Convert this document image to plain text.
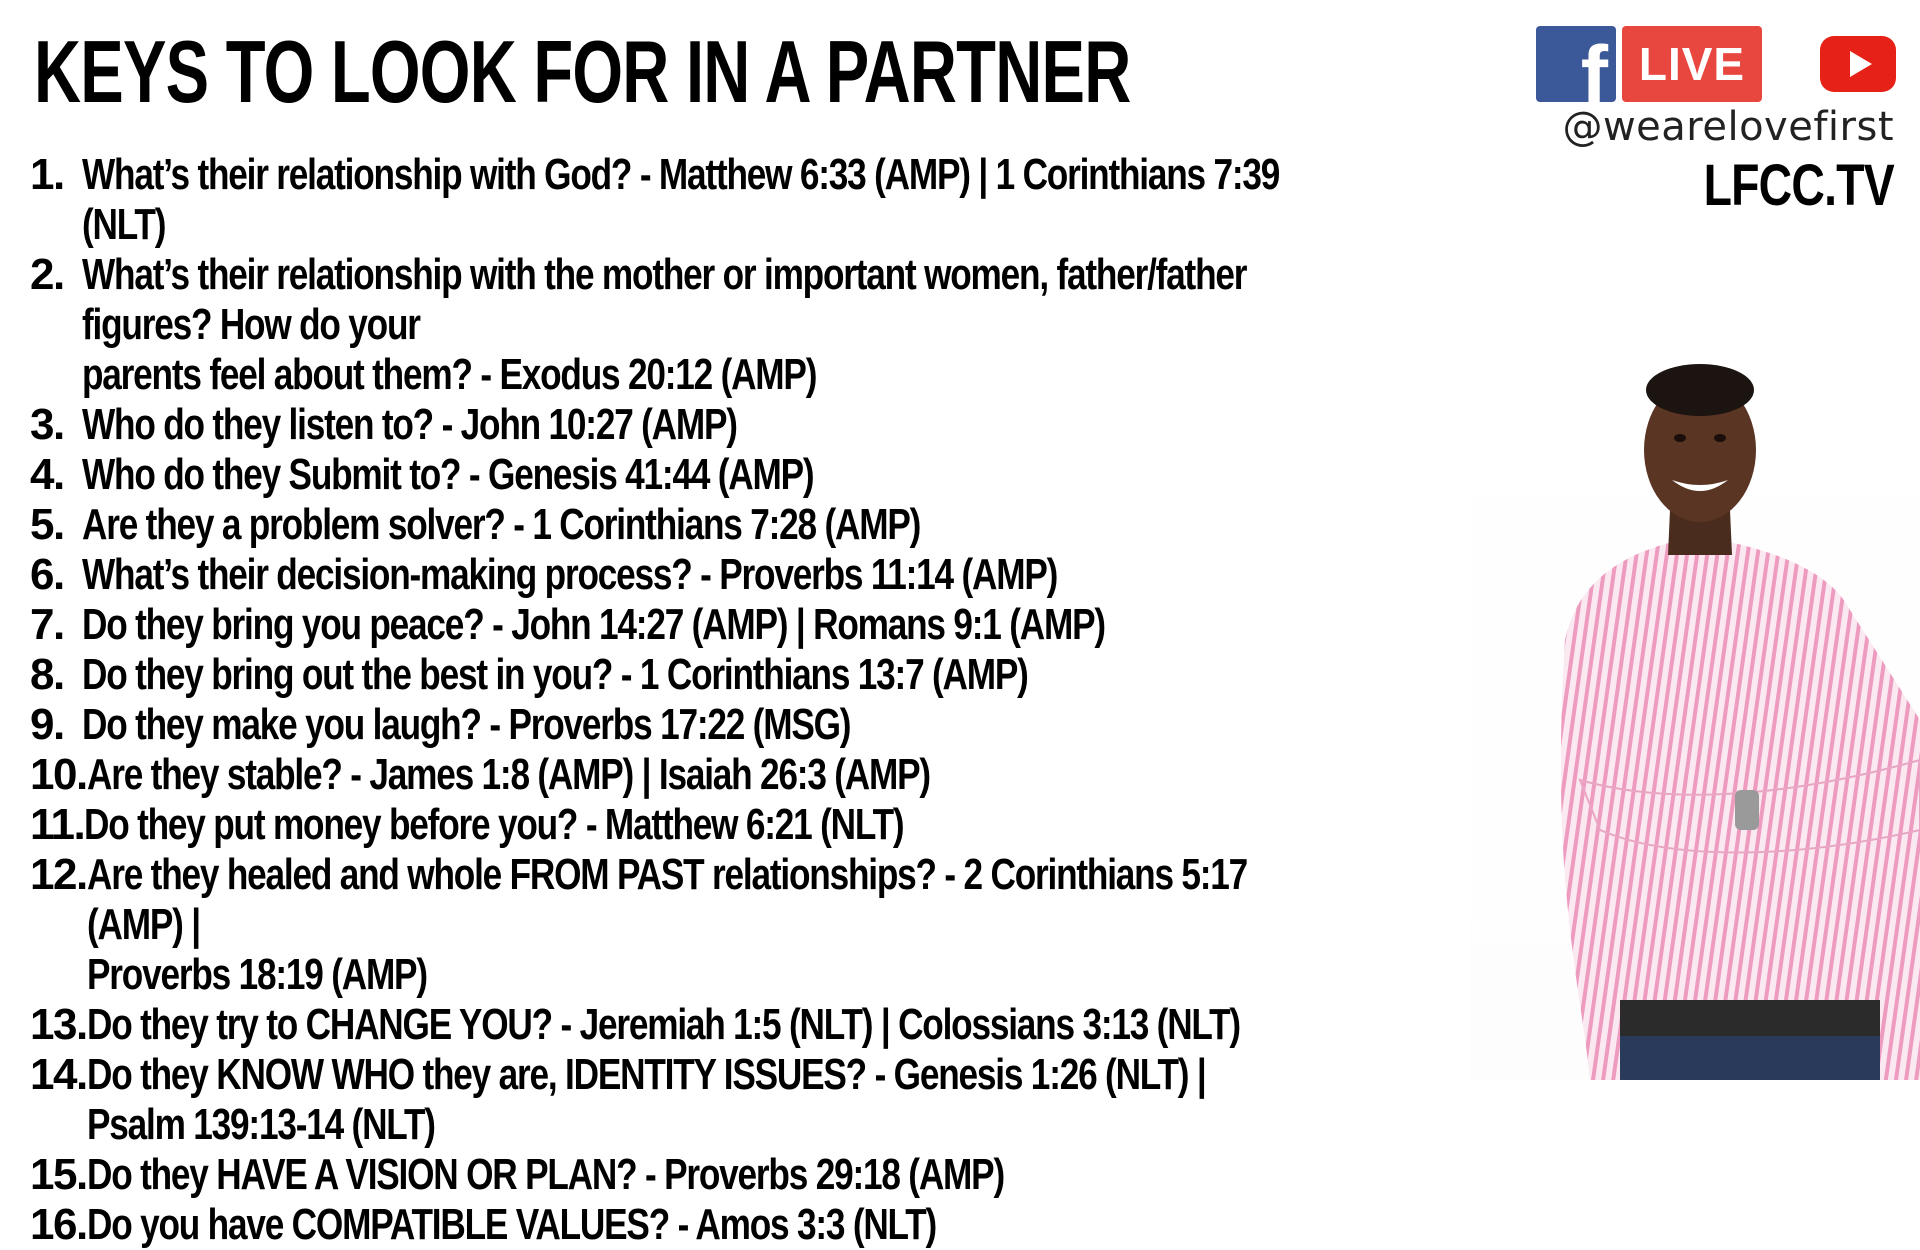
KEYS TO LOOK FOR IN A PARTNER	f LIVE
@wearelovefirst
LFCC.TV
1. What’s their relationship with God? - Matthew 6:33 (AMP) | 1 Corinthians 7:39 (NLT)
2. What’s their relationship with the mother or important women, father/father figures? How do your
parents feel about them? - Exodus 20:12 (AMP)
3. Who do they listen to? - John 10:27 (AMP)
4. Who do they Submit to? - Genesis 41:44 (AMP)
5. Are they a problem solver? - 1 Corinthians 7:28 (AMP)
6. What’s their decision-making process? - Proverbs 11:14 (AMP)
7. Do they bring you peace? - John 14:27 (AMP) | Romans 9:1 (AMP)
8. Do they bring out the best in you? - 1 Corinthians 13:7 (AMP)
9. Do they make you laugh? - Proverbs 17:22 (MSG)
10. Are they stable? - James 1:8 (AMP) | Isaiah 26:3 (AMP)
11. Do they put money before you? - Matthew 6:21 (NLT)
12. Are they healed and whole FROM PAST relationships? - 2 Corinthians 5:17 (AMP) |
Proverbs 18:19 (AMP)
13. Do they try to CHANGE YOU? - Jeremiah 1:5 (NLT) | Colossians 3:13 (NLT)
14. Do they KNOW WHO they are, IDENTITY ISSUES? - Genesis 1:26 (NLT) | Psalm 139:13-14 (NLT)
15. Do they HAVE A VISION OR PLAN? - Proverbs 29:18 (AMP)
16. Do you have COMPATIBLE VALUES? - Amos 3:3 (NLT)
